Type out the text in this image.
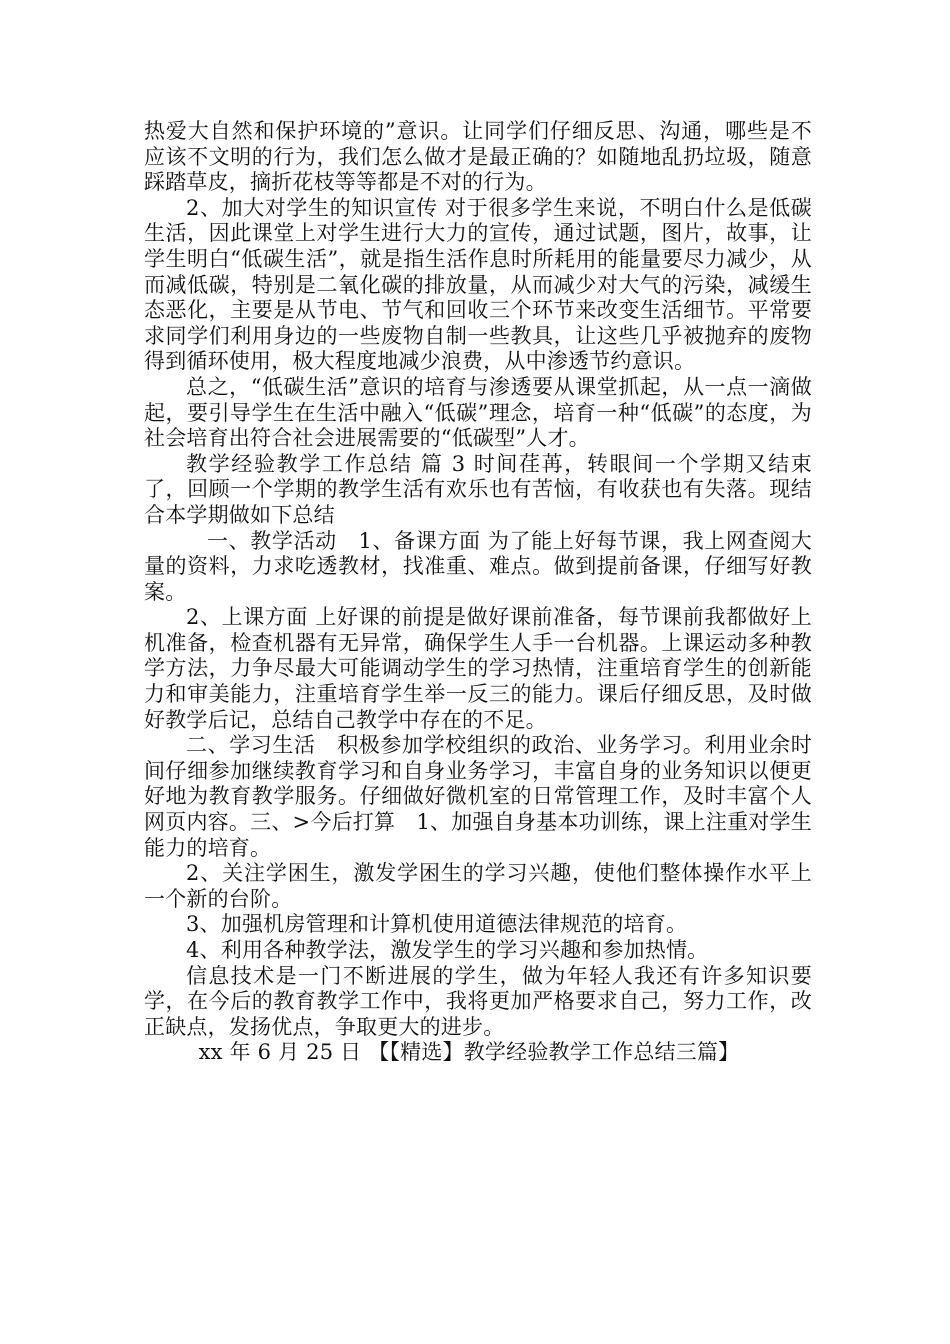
热爱大自然和保护环境的”意识。让同学们仔细反思、沟通，哪些是不应该不文明的行为，我们怎么做才是最正确的？如随地乱扔垃圾，随意踩踏草皮，摘折花枝等等都是不对的行为。

2、加大对学生的知识宣传 对于很多学生来说，不明白什么是低碳生活，因此课堂上对学生进行大力的宣传，通过试题，图片，故事，让学生明白“低碳生活”，就是指生活作息时所耗用的能量要尽力减少，从而减低碳，特别是二氧化碳的排放量，从而减少对大气的污染，减缓生态恶化，主要是从节电、节气和回收三个环节来改变生活细节。平常要求同学们利用身边的一些废物自制一些教具，让这些几乎被抛弃的废物得到循环使用，极大程度地减少浪费，从中渗透节约意识。

总之，“低碳生活”意识的培育与渗透要从课堂抓起，从一点一滴做起，要引导学生在生活中融入“低碳”理念，培育一种“低碳”的态度，为社会培育出符合社会进展需要的“低碳型”人才。

教学经验教学工作总结 篇 3 时间荏苒，转眼间一个学期又结束了，回顾一个学期的教学生活有欢乐也有苦恼，有收获也有失落。现结合本学期做如下总结

一、教学活动　1、备课方面 为了能上好每节课，我上网查阅大量的资料，力求吃透教材，找准重、难点。做到提前备课，仔细写好教案。

2、上课方面 上好课的前提是做好课前准备，每节课前我都做好上机准备，检查机器有无异常，确保学生人手一台机器。上课运动多种教学方法，力争尽最大可能调动学生的学习热情，注重培育学生的创新能力和审美能力，注重培育学生举一反三的能力。课后仔细反思，及时做好教学后记，总结自己教学中存在的不足。

二、学习生活　积极参加学校组织的政治、业务学习。利用业余时间仔细参加继续教育学习和自身业务学习，丰富自身的业务知识以便更好地为教育教学服务。仔细做好微机室的日常管理工作，及时丰富个人网页内容。三、>今后打算　1、加强自身基本功训练，课上注重对学生能力的培育。

2、关注学困生，激发学困生的学习兴趣，使他们整体操作水平上一个新的台阶。

3、加强机房管理和计算机使用道德法律规范的培育。

4、利用各种教学法，激发学生的学习兴趣和参加热情。

信息技术是一门不断进展的学生，做为年轻人我还有许多知识要学，在今后的教育教学工作中，我将更加严格要求自己，努力工作，改正缺点，发扬优点，争取更大的进步。

xx 年 6 月 25 日 【【精选】教学经验教学工作总结三篇】
